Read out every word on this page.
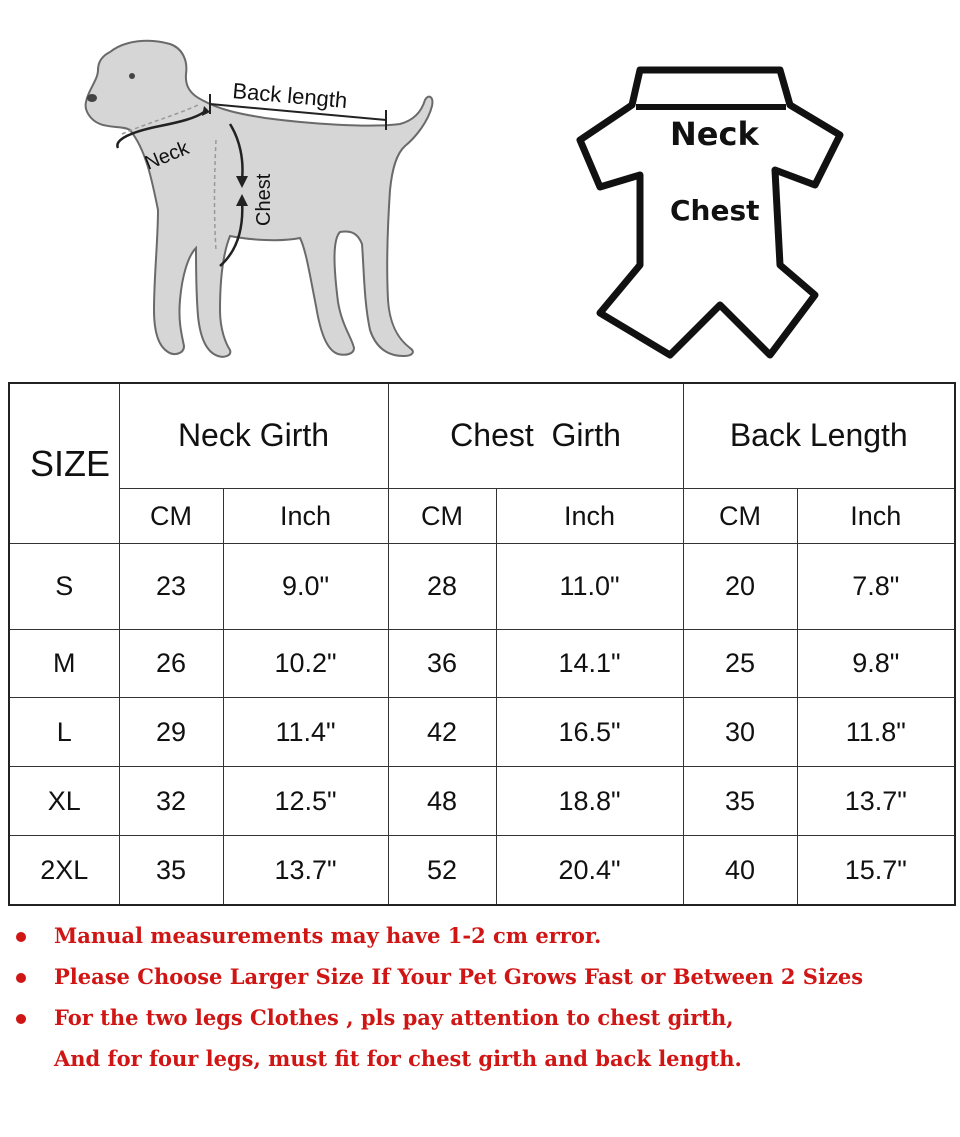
Back length
Neck
Chest
Neck
Chest
SIZE	Neck Girth		Chest  Girth		Back Length	
	CM	Inch	CM	Inch	CM	Inch
S	23	9.0"	28	11.0"	20	7.8"
M	26	10.2"	36	14.1"	25	9.8"
L	29	11.4"	42	16.5"	30	11.8"
XL	32	12.5"	48	18.8"	35	13.7"
2XL	35	13.7"	52	20.4"	40	15.7"

Manual measurements may have 1-2 cm error.

Please Choose Larger Size If Your Pet Grows Fast or Between 2 Sizes

For the two legs Clothes , pls pay attention to chest girth,

And for four legs, must fit for chest girth and back length.
